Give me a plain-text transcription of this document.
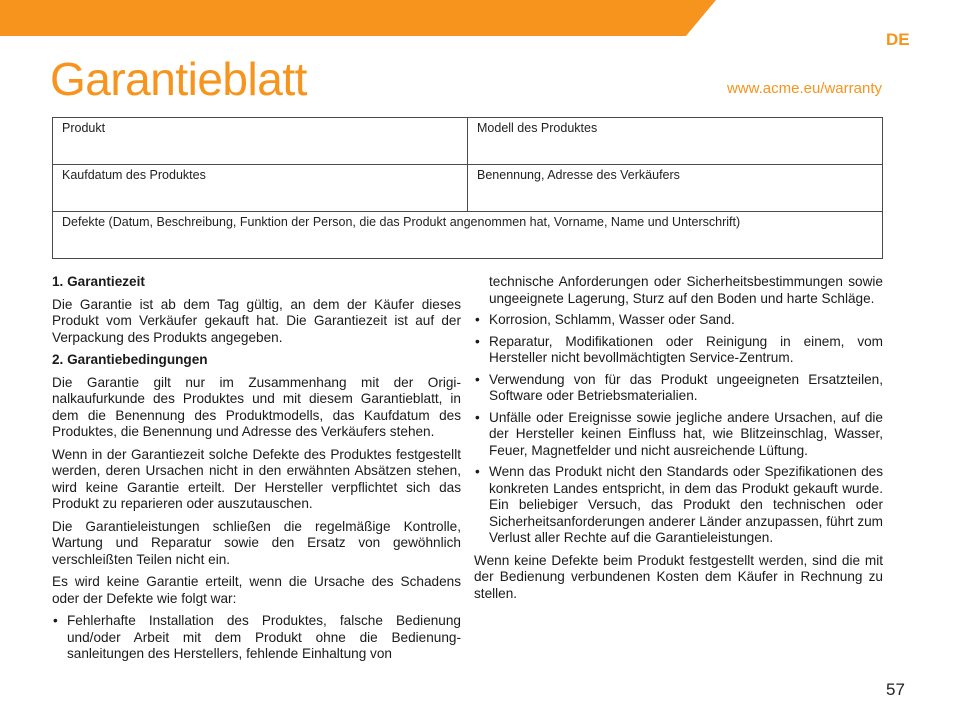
DE
Garantieblatt	www.acme.eu/warranty
Produkt	Modell des Produktes
Kaufdatum des Produktes	Benennung, Adresse des Verkäufers
Defekte (Datum, Beschreibung, Funktion der Person, die das Produkt angenommen hat, Vorname, Name und Unterschrift)	
1. Garantiezeit

Die Garantie ist ab dem Tag gültig, an dem der Käufer dieses Produkt vom Verkäufer gekauft hat. Die Garantiezeit ist auf der Verpackung des Produkts angegeben.

2. Garantiebedingungen

Die Garantie gilt nur im Zusammenhang mit der Originalkaufurkunde des Produktes und mit diesem Garantieblatt, in dem die Benennung des Produktmodells, das Kaufdatum des Produktes, die Benennung und Adresse des Verkäufers stehen.

Wenn in der Garantiezeit solche Defekte des Produktes festgestellt werden, deren Ursachen nicht in den erwähnten Absätzen stehen, wird keine Garantie erteilt. Der Hersteller verpflichtet sich das Produkt zu reparieren oder auszutauschen.

Die Garantieleistungen schließen die regelmäßige Kontrolle, Wartung und Reparatur sowie den Ersatz von gewöhnlich verschleißten Teilen nicht ein.

Es wird keine Garantie erteilt, wenn die Ursache des Schadens oder der Defekte wie folgt war:

• Fehlerhafte Installation des Produktes, falsche Bedienung und/oder Arbeit mit dem Produkt ohne die Bedienungsanleitungen des Herstellers, fehlende Einhaltung von
technische Anforderungen oder Sicherheitsbestimmungen sowie ungeeignete Lagerung, Sturz auf den Boden und harte Schläge.
• Korrosion, Schlamm, Wasser oder Sand.
• Reparatur, Modifikationen oder Reinigung in einem, vom Hersteller nicht bevollmächtigten Service-Zentrum.
• Verwendung von für das Produkt ungeeigneten Ersatzteilen, Software oder Betriebsmaterialien.
• Unfälle oder Ereignisse sowie jegliche andere Ursachen, auf die der Hersteller keinen Einfluss hat, wie Blitzeinschlag, Wasser, Feuer, Magnetfelder und nicht ausreichende Lüftung.
• Wenn das Produkt nicht den Standards oder Spezifikationen des konkreten Landes entspricht, in dem das Produkt gekauft wurde. Ein beliebiger Versuch, das Produkt den technischen oder Sicherheitsanforderungen anderer Länder anzupassen, führt zum Verlust aller Rechte auf die Garantieleistungen.

Wenn keine Defekte beim Produkt festgestellt werden, sind die mit der Bedienung verbundenen Kosten dem Käufer in Rechnung zu stellen.

57
